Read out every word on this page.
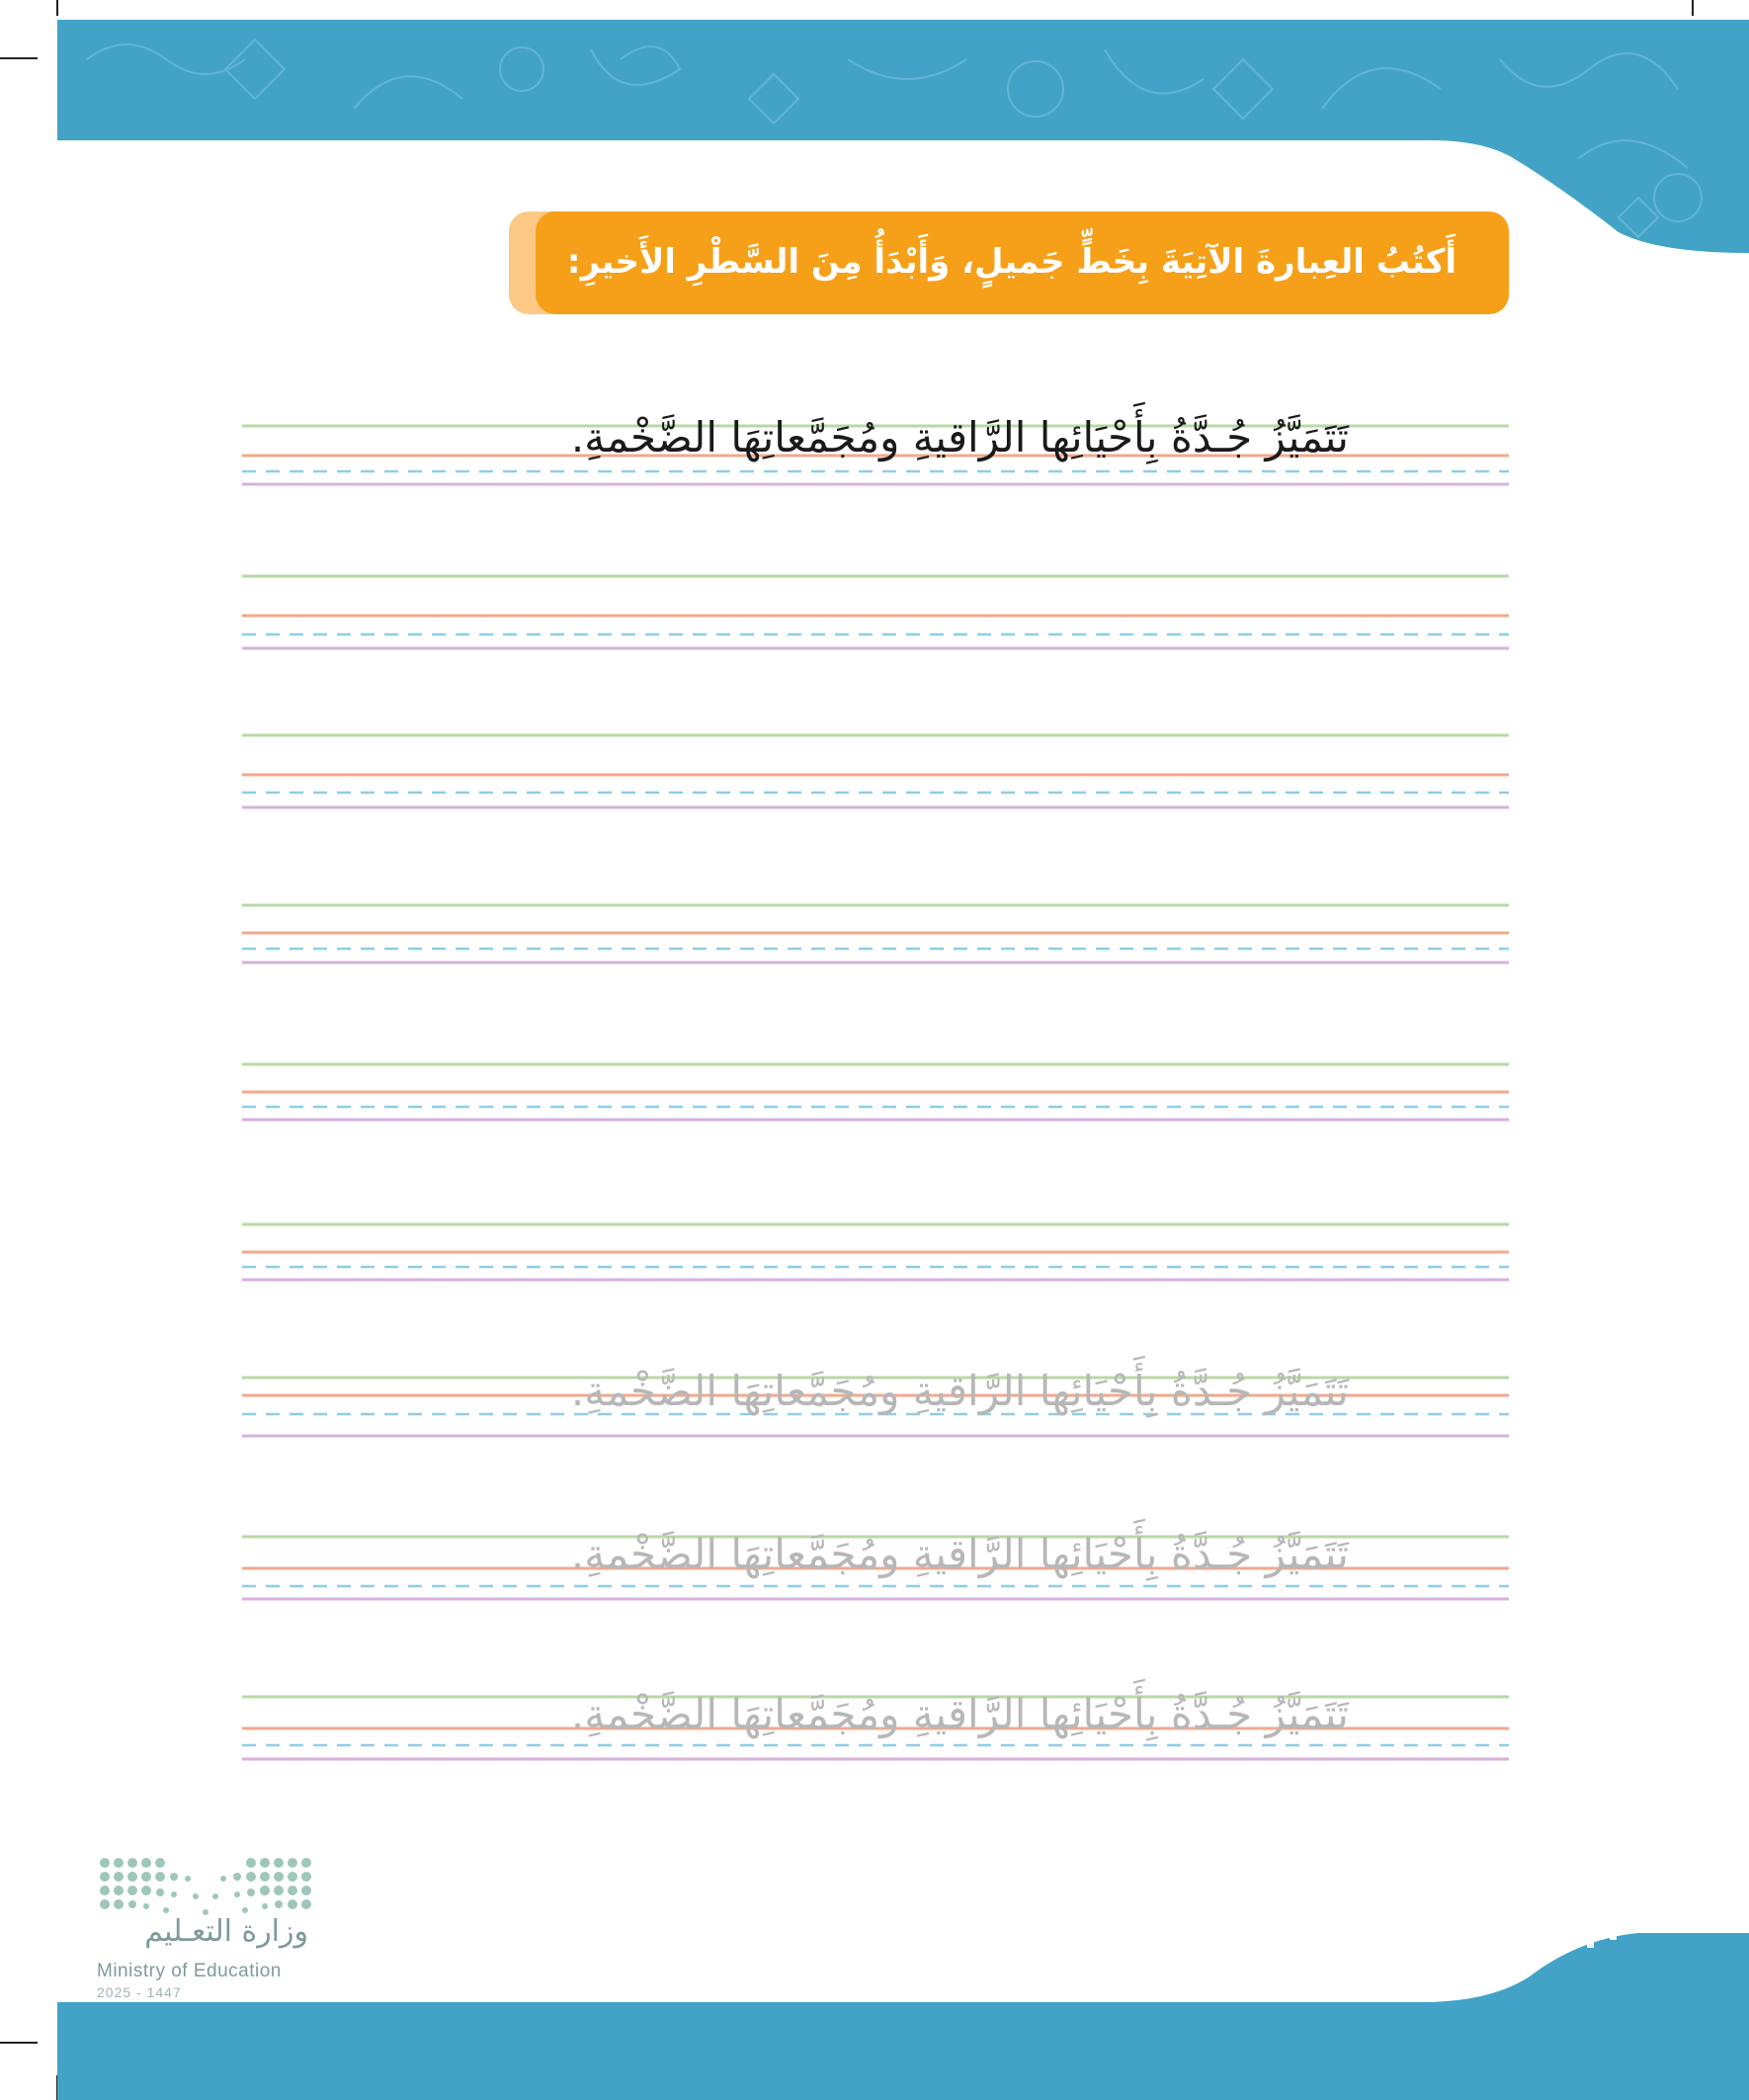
أَكتُبُ العِبارةَ الآتِيَةَ بِخَطٍّ جَميلٍ، وَأَبْدَأُ مِنَ السَّطْرِ الأَخيرِ:
تَتَمَيَّزُ جُـدَّةُ بِأَحْيَائِها الرَّاقيةِ ومُجَمَّعاتِهَا الضَّخْمةِ.
تَتَمَيَّزُ جُـدَّةُ بِأَحْيَائِها الرَّاقيةِ ومُجَمَّعاتِهَا الضَّخْمةِ.
تَتَمَيَّزُ جُـدَّةُ بِأَحْيَائِها الرَّاقيةِ ومُجَمَّعاتِهَا الضَّخْمةِ.
تَتَمَيَّزُ جُـدَّةُ بِأَحْيَائِها الرَّاقيةِ ومُجَمَّعاتِهَا الضَّخْمةِ.
١١٠
وزارة التعـليم
Ministry of Education
2025 - 1447
